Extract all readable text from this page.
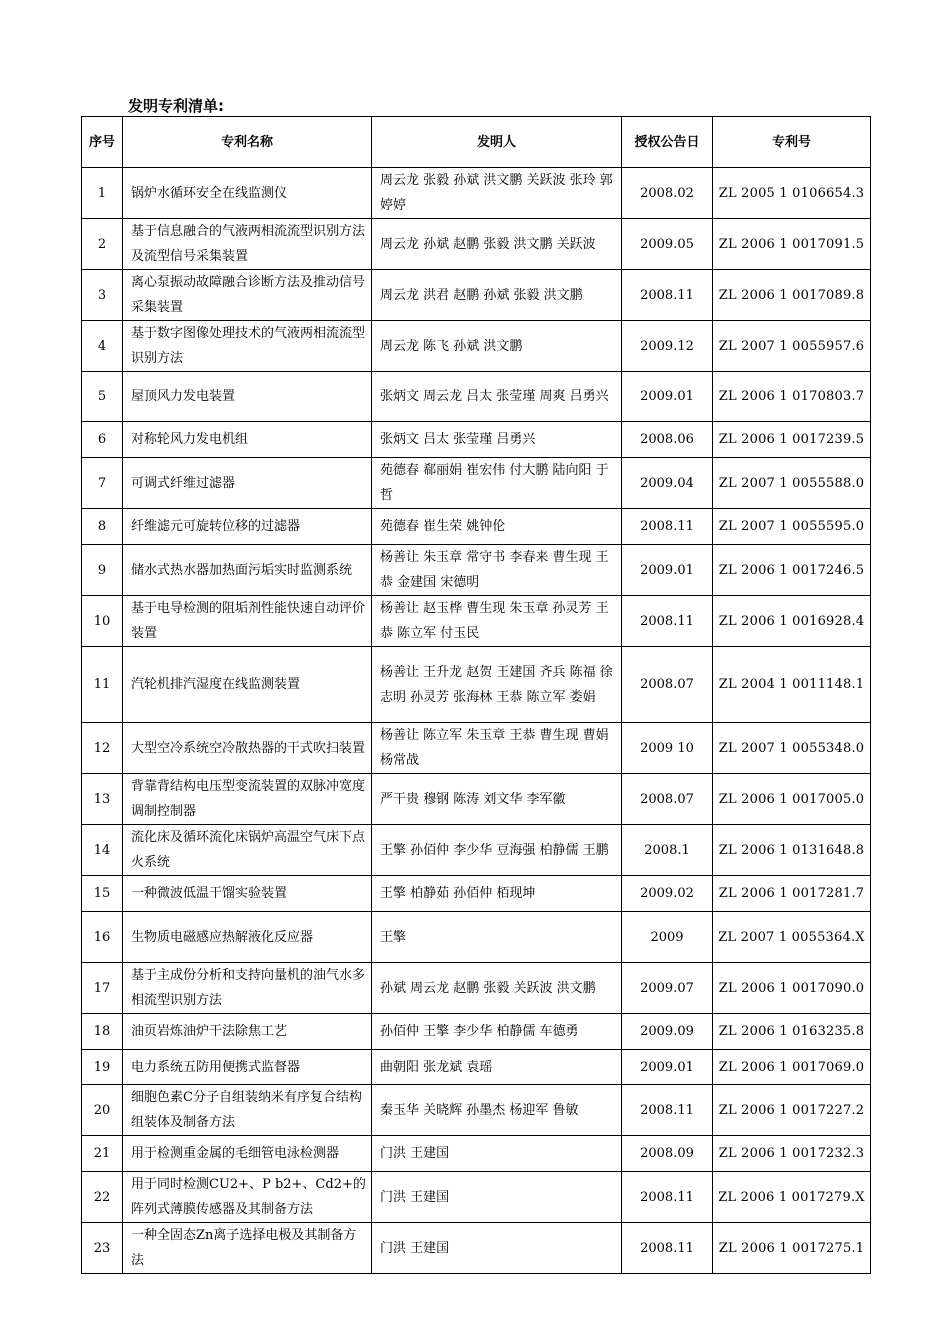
发明专利清单:
序号	专利名称	发明人	授权公告日	专利号
1	锅炉水循环安全在线监测仪	周云龙 张毅 孙斌 洪文鹏 关跃波 张玲 郭婷婷	2008.02	ZL 2005 1 0106654.3
2	基于信息融合的气液两相流流型识别方法及流型信号采集装置	周云龙 孙斌 赵鹏 张毅 洪文鹏 关跃波	2009.05	ZL 2006 1 0017091.5
3	离心泵振动故障融合诊断方法及推动信号采集装置	周云龙 洪君 赵鹏 孙斌 张毅 洪文鹏	2008.11	ZL 2006 1 0017089.8
4	基于数字图像处理技术的气液两相流流型识别方法	周云龙 陈飞 孙斌 洪文鹏	2009.12	ZL 2007 1 0055957.6
5	屋顶风力发电装置	张炳文 周云龙 吕太 张莹瑾 周爽 吕勇兴	2009.01	ZL 2006 1 0170803.7
6	对称轮风力发电机组	张炳文 吕太 张莹瑾 吕勇兴	2008.06	ZL 2006 1 0017239.5
7	可调式纤维过滤器	苑德春 郗丽娟 崔宏伟 付大鹏 陆向阳 于哲	2009.04	ZL 2007 1 0055588.0
8	纤维滤元可旋转位移的过滤器	苑德春 崔生荣 姚钟伦	2008.11	ZL 2007 1 0055595.0
9	储水式热水器加热面污垢实时监测系统	杨善让 朱玉章 常守书 李春来 曹生现 王恭 金建国 宋德明	2009.01	ZL 2006 1 0017246.5
10	基于电导检测的阻垢剂性能快速自动评价装置	杨善让 赵玉桦 曹生现 朱玉章 孙灵芳 王恭 陈立军 付玉民	2008.11	ZL 2006 1 0016928.4
11	汽轮机排汽湿度在线监测装置	杨善让 王升龙 赵贺 王建国 齐兵 陈福 徐志明 孙灵芳 张海林 王恭 陈立军 娄娟	2008.07	ZL 2004 1 0011148.1
12	大型空冷系统空冷散热器的干式吹扫装置	杨善让 陈立军 朱玉章 王恭 曹生现 曹娟 杨常战	2009 10	ZL 2007 1 0055348.0
13	背靠背结构电压型变流装置的双脉冲宽度调制控制器	严干贵 穆钢 陈涛 刘文华 李军徽	2008.07	ZL 2006 1 0017005.0
14	流化床及循环流化床锅炉高温空气床下点火系统	王擎 孙佰仲 李少华 豆海强 柏静儒 王鹏	2008.1	ZL 2006 1 0131648.8
15	一种微波低温干馏实验装置	王擎 柏静茹 孙佰仲 栢现坤	2009.02	ZL 2006 1 0017281.7
16	生物质电磁感应热解液化反应器	王擎	2009	ZL 2007 1 0055364.X
17	基于主成份分析和支持向量机的油气水多相流型识别方法	孙斌 周云龙 赵鹏 张毅 关跃波 洪文鹏	2009.07	ZL 2006 1 0017090.0
18	油页岩炼油炉干法除焦工艺	孙佰仲 王擎 李少华 柏静儒 车德勇	2009.09	ZL 2006 1 0163235.8
19	电力系统五防用便携式监督器	曲朝阳 张龙斌 袁瑶	2009.01	ZL 2006 1 0017069.0
20	细胞色素C分子自组装纳米有序复合结构组装体及制备方法	秦玉华 关晓辉 孙墨杰 杨迎军 鲁敏	2008.11	ZL 2006 1 0017227.2
21	用于检测重金属的毛细管电泳检测器	门洪 王建国	2008.09	ZL 2006 1 0017232.3
22	用于同时检测CU2+、P b2+、Cd2+的阵列式薄膜传感器及其制备方法	门洪 王建国	2008.11	ZL 2006 1 0017279.X
23	一种全固态Zn离子选择电极及其制备方法	门洪 王建国	2008.11	ZL 2006 1 0017275.1
